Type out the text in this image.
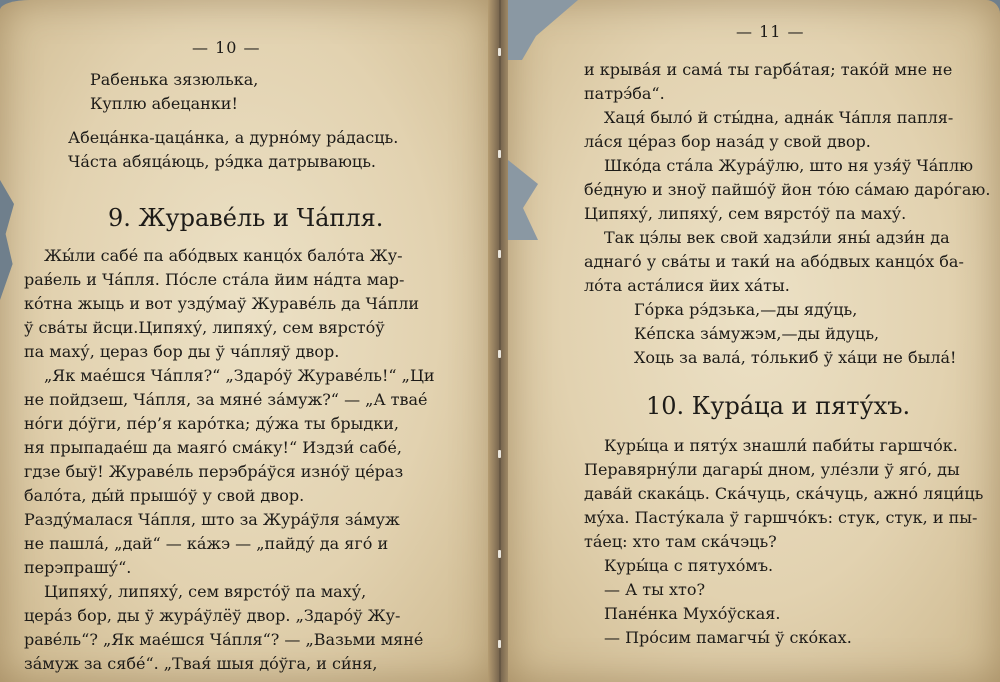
— 10 —
Рабенька зязюлька,
Куплю абецанки!
Абеца́нка-цаца́нка, а дурно́му ра́дасць.
Ча́ста абяца́юць, рэ́дка датрываюць.
9. Журавéль и Ча́пля.
Жы́ли сабé па або́двых канцо́х бало́та Жу-
рав́ель и Ча́пля. По́сле ста́ла йим на́дта мар-
ко́тна жыць и вот узду́маў Журавéль да Ча́пли
ў сва́ты йсци.Ципяху́, липяху́, сем вярсто́ў
па маху́, цераз бор ды ў ча́пляў двор.
„Як мае́шся Ча́пля?“ „Здаро́ў Журавéль!“ „Ци
не пойдзеш, Ча́пля, за мяне́ за́муж?“ — „А твае́
но́ги до́ўги, пе́р’я каро́тка; ду́жа ты брыдки,
ня прыпадае́ш да маяго́ сма́ку!“ Издзи́ сабе́,
гдзе быў! Журавéль перэбра́ўся изно́ў це́раз
бало́та, ды́й прышо́ў у свой двор.
Разду́малася Ча́пля, што за Жура́ўля за́муж
не пашла́, „дай“ — ка́жэ — „пайду́ да яго́ и
перэпрашу́“.
Ципяху́, липяху́, сем вярсто́ў па маху́,
цера́з бор, ды ў жура́ўлёў двор. „Здаро́ў Жу-
равéль“? „Як мае́шся Ча́пля“? — „Вазьми мяне́
за́муж за сябе́“. „Твая́ шыя до́ўга, и си́ня,
— 11 —
и крыва́я и сама́ ты гарба́тая; тако́й мне не
патрэ́ба“.
Хаця́ было́ й сты́дна, адна́к Ча́пля папля-
ла́ся це́раз бор наза́д у свой двор.
Шко́да ста́ла Жура́ўлю, што ня узя́ў Ча́плю
бе́дную и зноў пайшо́ў йон то́ю са́маю даро́гаю.
Ципяху́, липяху́, сем вярсто́ў па маху́.
Так цэ́лы век свой хадзи́ли яны́ адзи́н да
аднаго́ у сва́ты и таки́ на або́двых канцо́х ба-
ло́та аста́лися йих ха́ты.
Го́рка рэ́дзька,—ды яду́ць,
Ке́пска за́мужэм,—ды йдуць,
Хоць за вала́, то́лькиб ў ха́ци не была́!
10. Кура́ца и пяту́хъ.
Куры́ца и пяту́х знашли́ паби́ты гаршчо́к.
Перавярну́ли дагары́ дном, уле́зли ў яго́, ды
дава́й скака́ць. Ска́чуць, ска́чуць, ажно́ ляци́ць
му́ха. Пасту́кала ў гаршчо́къ: стук, стук, и пы-
та́ец: хто там ска́чэць?
Куры́ца с пятухо́мъ.
— А ты хто?
Пане́нка Мухо́ўская.
— Про́сим памагчы́ ў ско́ках.
